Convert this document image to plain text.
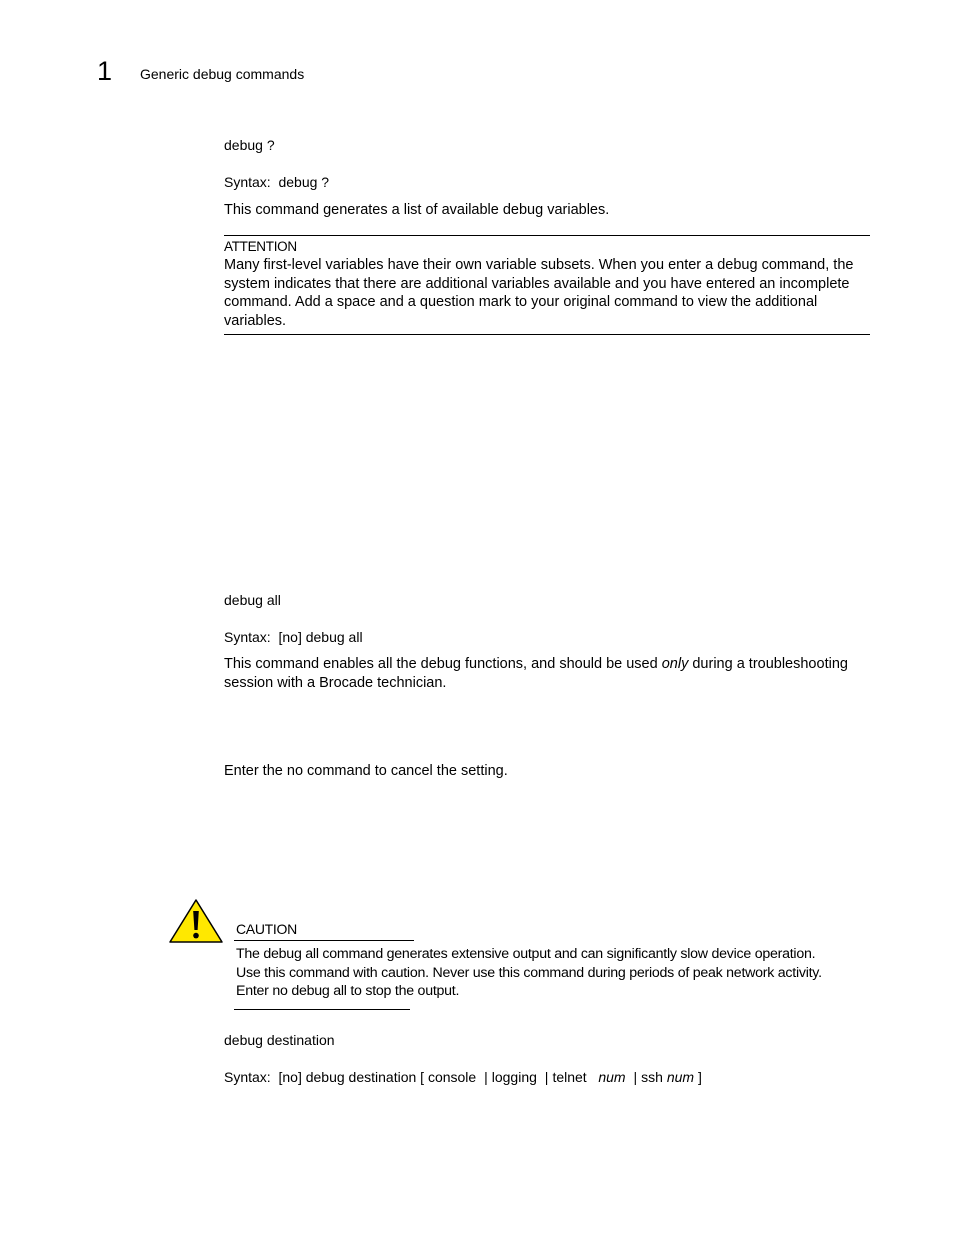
1 Generic debug commands
debug ?
Syntax: debug ?
This command generates a list of available debug variables.
ATTENTION
Many first-level variables have their own variable subsets. When you enter a debug command, the system indicates that there are additional variables available and you have entered an incomplete command. Add a space and a question mark to your original command to view the additional variables.
debug all
Syntax: [no] debug all
This command enables all the debug functions, and should be used only during a troubleshooting session with a Brocade technician.
Enter the no command to cancel the setting.
CAUTION
The debug all command generates extensive output and can significantly slow device operation.
Use this command with caution. Never use this command during periods of peak network activity.
Enter no debug all to stop the output.
debug destination
Syntax: [no] debug destination [ console | logging | telnet num | ssh num ]
